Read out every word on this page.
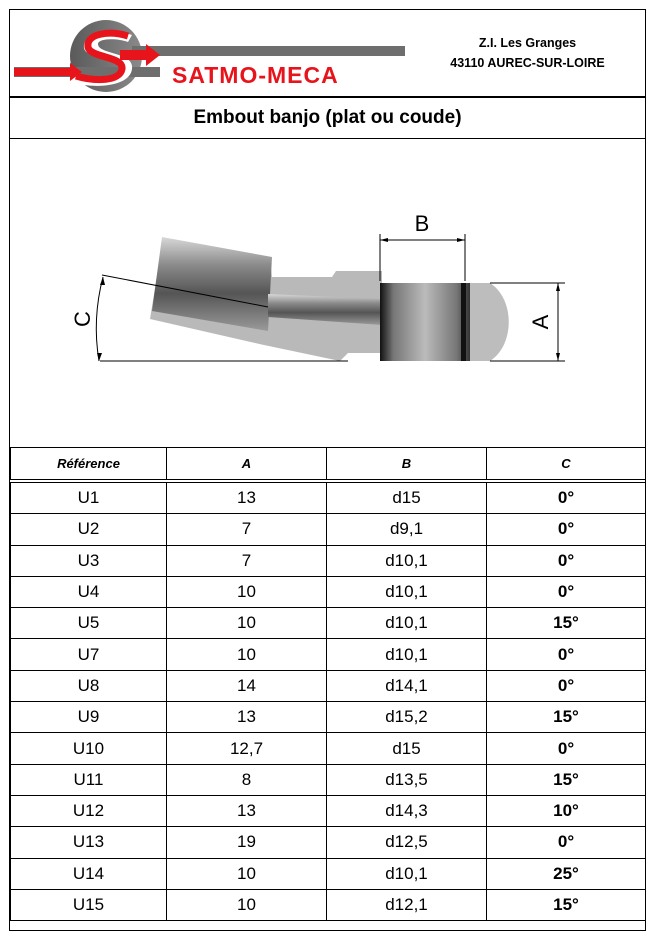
SATMO-MECA
Z.I. Les Granges
43110 AUREC-SUR-LOIRE
Embout banjo (plat ou coude)
B
A
C
Référence	A	B	C
U1	13	d15	0°
U2	7	d9,1	0°
U3	7	d10,1	0°
U4	10	d10,1	0°
U5	10	d10,1	15°
U7	10	d10,1	0°
U8	14	d14,1	0°
U9	13	d15,2	15°
U10	12,7	d15	0°
U11	8	d13,5	15°
U12	13	d14,3	10°
U13	19	d12,5	0°
U14	10	d10,1	25°
U15	10	d12,1	15°
